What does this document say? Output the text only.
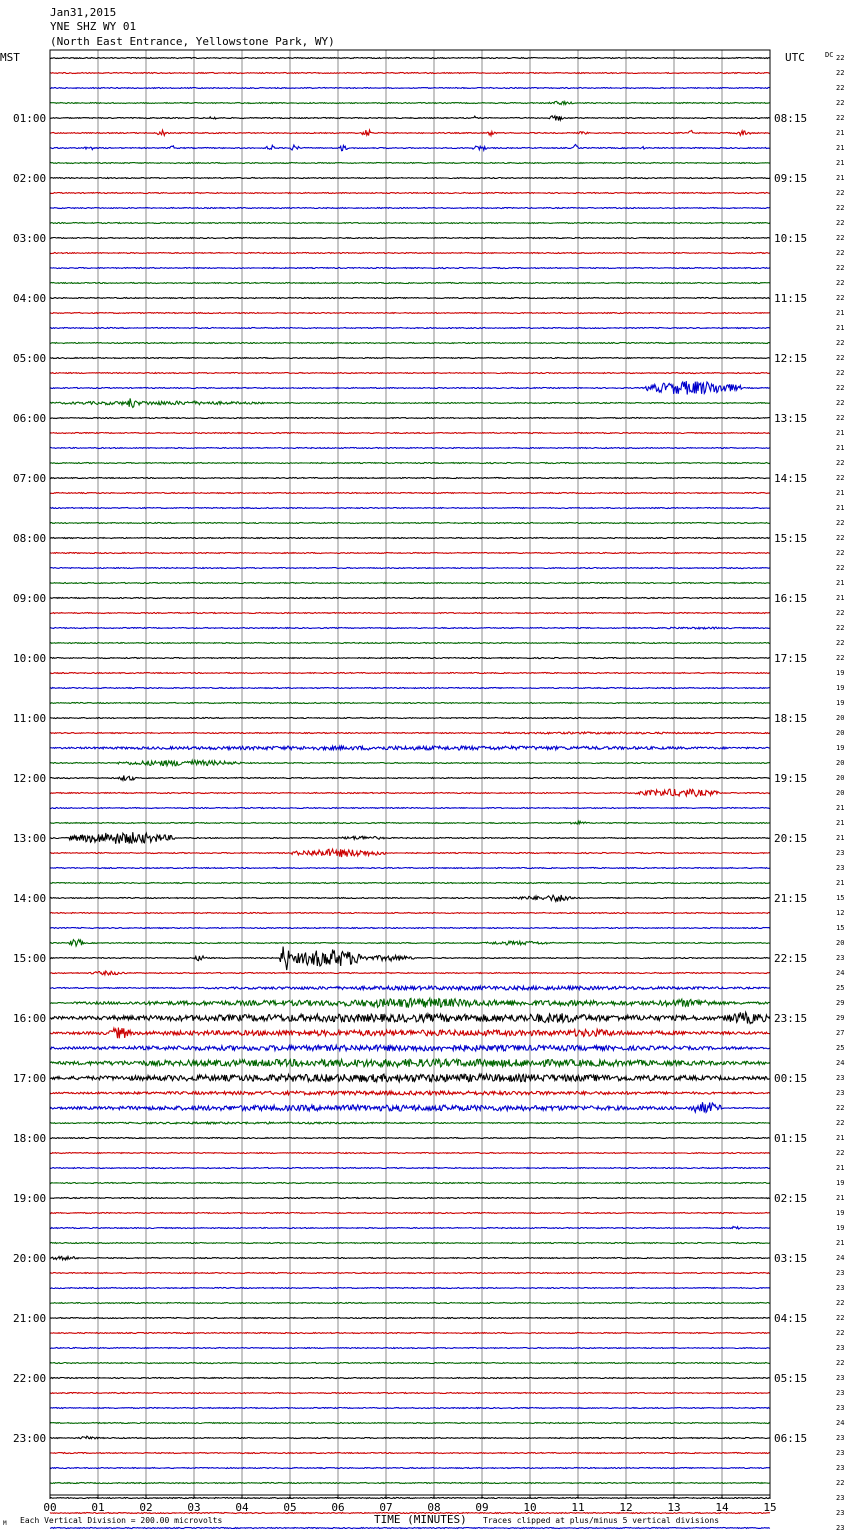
Jan31,2015
YNE SHZ WY 01
(North East Entrance, Yellowstone Park, WY)
MST	UTC	DC
01:00
02:00
03:00
04:00
05:00
06:00
07:00
08:00
09:00
10:00
11:00
12:00
13:00
14:00
15:00
16:00
17:00
18:00
19:00
20:00
21:00
22:00
23:00
08:15
09:15
10:15
11:15
12:15
13:15
14:15
15:15
16:15
17:15
18:15
19:15
20:15
21:15
22:15
23:15
00:15
01:15
02:15
03:15
04:15
05:15
06:15
22
22
22
22
22
21
21
21
21
22
22
22
22
22
22
22
22
21
21
22
22
22
22
22
22
21
21
22
22
21
21
22
22
22
22
21
21
22
22
22
22
19
19
19
20
20
19
20
20
20
21
21
21
23
23
21
15
12
15
20
23
24
25
29
29
27
25
24
23
23
22
22
21
22
21
19
21
19
19
21
24
23
23
22
22
22
23
22
23
23
23
24
23
23
23
22
23
23
23
00	01	02	03	04	05	06	07	08	09	10	11	12	13	14	15
M Each Vertical Division = 200.00 microvolts	TIME (MINUTES) Traces clipped at plus/minus 5 vertical divisions
